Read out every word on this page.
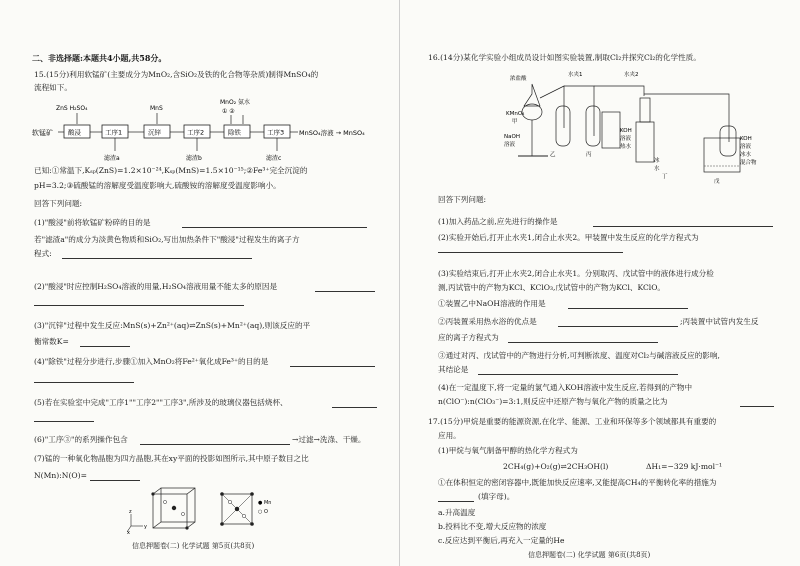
二、非选择题:本题共4小题,共58分。
15.(15分)利用软锰矿(主要成分为MnO₂,含SiO₂及铁的化合物等杂质)制得MnSO₄的
流程如下。
软锰矿
ZnS H₂SO₄
酸浸	工序1
滤渣a
MnS
沉锌	工序2
滤渣b
MnO₂ 氨水
① ②
除铁	工序3
滤渣c
MnSO₄溶液 → MnSO₄
已知:①常温下,Kₛₚ(ZnS)=1.2×10⁻²⁴,Kₛₚ(MnS)=1.5×10⁻¹⁵;②Fe³⁺完全沉淀的
pH=3.2;③硫酸锰的溶解度受温度影响大,硫酸铵的溶解度受温度影响小。
回答下列问题:
(1)"酸浸"前将软锰矿粉碎的目的是
若"滤渣a"的成分为淡黄色物质和SiO₂,写出加热条件下"酸浸"过程发生的离子方
程式:
(2)"酸浸"时应控制H₂SO₄溶液的用量,H₂SO₄溶液用量不能太多的原因是
(3)"沉锌"过程中发生反应:MnS(s)+Zn²⁺(aq)⇌ZnS(s)+Mn²⁺(aq),则该反应的平
衡常数K=
(4)"除铁"过程分步进行,步骤①加入MnO₂将Fe²⁺氧化成Fe³⁺的目的是
(5)若在实验室中完成"工序1""工序2""工序3",所涉及的玻璃仪器包括烧杯、
(6)"工序③"的系列操作包含	→过滤→洗涤、干燥。
(7)锰的一种氧化物晶胞为四方晶胞,其在xy平面的投影如图所示,其中原子数目之比
N(Mn):N(O)=
z
y
x
● Mn
○ O
信息押题卷(二) 化学试题 第5页(共8页)
16.(14分)某化学实验小组成员设计如图实验装置,制取Cl₂并探究Cl₂的化学性质。
浓盐酸
水夹1	水夹2
甲
KMnO₄
NaOH
溶液
乙	丙
KOH
溶液
热水
冰
水
丁
KOH
溶液
冰水
混合物
戊
回答下列问题:
(1)加入药品之前,应先进行的操作是
(2)实验开始后,打开止水夹1,闭合止水夹2。甲装置中发生反应的化学方程式为
(3)实验结束后,打开止水夹2,闭合止水夹1。分别取丙、戊试管中的液体进行成分检
测,丙试管中的产物为KCl、KClO₃,戊试管中的产物为KCl、KClO。
①装置乙中NaOH溶液的作用是
②丙装置采用热水浴的优点是	;丙装置中试管内发生反
应的离子方程式为
③通过对丙、戊试管中的产物进行分析,可判断浓度、温度对Cl₂与碱溶液反应的影响,
其结论是
(4)在一定温度下,将一定量的氯气通入KOH溶液中发生反应,若得到的产物中
n(ClO⁻):n(ClO₃⁻)=3:1,则反应中还原产物与氧化产物的质量之比为
17.(15分)甲烷是重要的能源资源,在化学、能源、工业和环保等多个领域都具有重要的
应用。
(1)甲烷与氧气制备甲醇的热化学方程式为
2CH₄(g)+O₂(g)⇌2CH₃OH(l)	ΔH₁=−329 kJ·mol⁻¹
①在体积恒定的密闭容器中,既能加快反应速率,又能提高CH₄的平衡转化率的措施为
(填字母)。
a.升高温度
b.投料比不变,增大反应物的浓度
c.反应达到平衡后,再充入一定量的He
信息押题卷(二) 化学试题 第6页(共8页)
